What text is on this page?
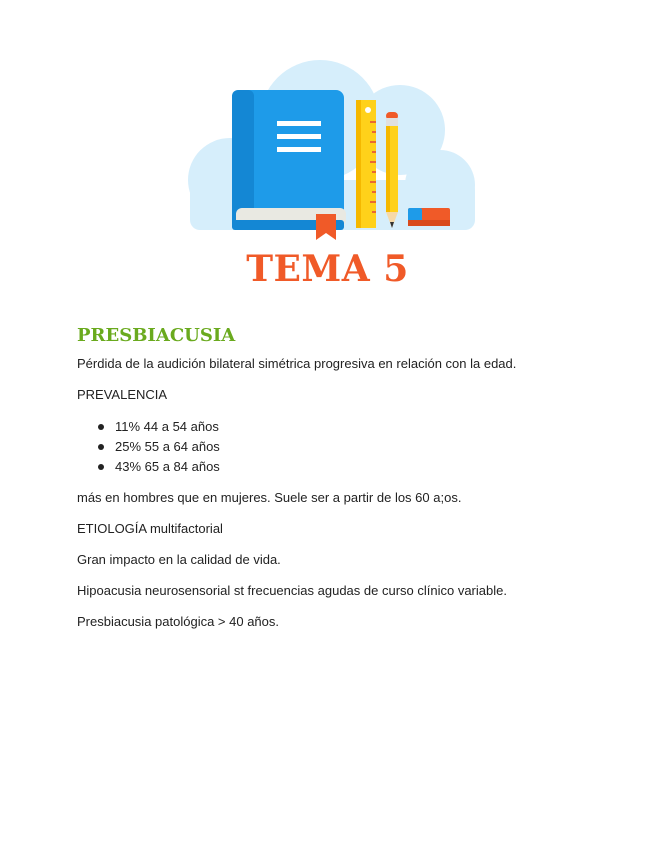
TEMA 5
PRESBIACUSIA

Pérdida de la audición bilateral simétrica progresiva en relación con la edad.

PREVALENCIA

11% 44 a 54 años
25% 55 a 64 años
43% 65 a 84 años

más en hombres que en mujeres. Suele ser a partir de los 60 a;os.

ETIOLOGÍA multifactorial

Gran impacto en la calidad de vida.

Hipoacusia neurosensorial st frecuencias agudas de curso clínico variable.

Presbiacusia patológica > 40 años.
